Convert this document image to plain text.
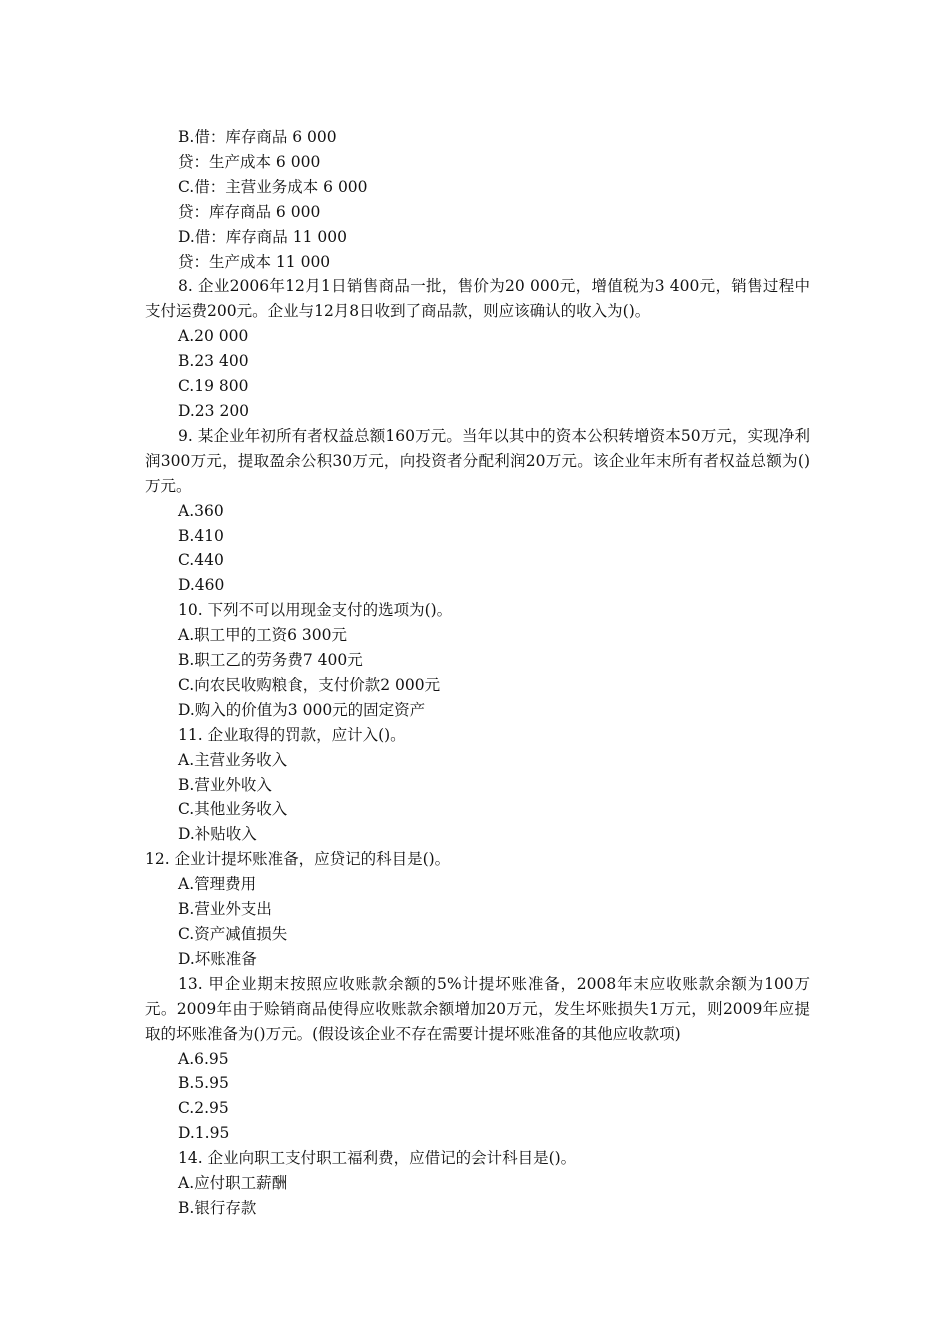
B.借：库存商品 6 000

贷：生产成本 6 000

C.借：主营业务成本 6 000

贷：库存商品 6 000

D.借：库存商品 11 000

贷：生产成本 11 000

8. 企业2006年12月1日销售商品一批，售价为20 000元，增值税为3 400元，销售过程中支付运费200元。企业与12月8日收到了商品款，则应该确认的收入为()。

A.20 000

B.23 400

C.19 800

D.23 200

9. 某企业年初所有者权益总额160万元。当年以其中的资本公积转增资本50万元，实现净利润300万元，提取盈余公积30万元，向投资者分配利润20万元。该企业年末所有者权益总额为()万元。

A.360

B.410

C.440

D.460

10. 下列不可以用现金支付的选项为()。

A.职工甲的工资6 300元

B.职工乙的劳务费7 400元

C.向农民收购粮食，支付价款2 000元

D.购入的价值为3 000元的固定资产

11. 企业取得的罚款，应计入()。

A.主营业务收入

B.营业外收入

C.其他业务收入

D.补贴收入

12. 企业计提坏账准备，应贷记的科目是()。

A.管理费用

B.营业外支出

C.资产减值损失

D.坏账准备

13. 甲企业期末按照应收账款余额的5%计提坏账准备，2008年末应收账款余额为100万元。2009年由于赊销商品使得应收账款余额增加20万元，发生坏账损失1万元，则2009年应提取的坏账准备为()万元。(假设该企业不存在需要计提坏账准备的其他应收款项)

A.6.95

B.5.95

C.2.95

D.1.95

14. 企业向职工支付职工福利费，应借记的会计科目是()。

A.应付职工薪酬

B.银行存款
